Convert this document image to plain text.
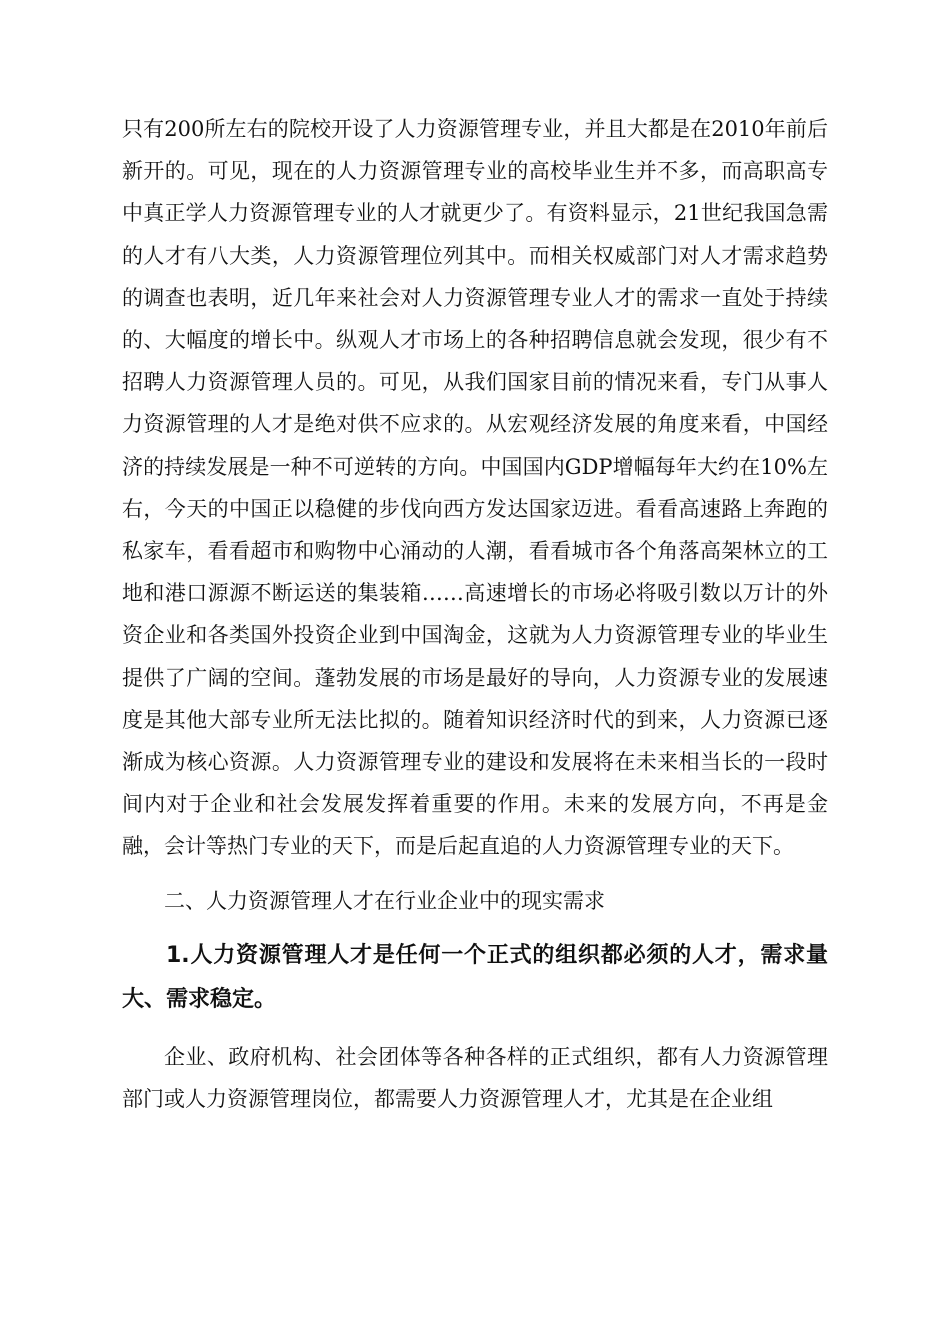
只有200所左右的院校开设了人力资源管理专业，并且大都是在2010年前后新开的。可见，现在的人力资源管理专业的高校毕业生并不多，而高职高专中真正学人力资源管理专业的人才就更少了。有资料显示，21世纪我国急需的人才有八大类，人力资源管理位列其中。而相关权威部门对人才需求趋势的调查也表明，近几年来社会对人力资源管理专业人才的需求一直处于持续的、大幅度的增长中。纵观人才市场上的各种招聘信息就会发现，很少有不招聘人力资源管理人员的。可见，从我们国家目前的情况来看，专门从事人力资源管理的人才是绝对供不应求的。从宏观经济发展的角度来看，中国经济的持续发展是一种不可逆转的方向。中国国内GDP增幅每年大约在10%左右，今天的中国正以稳健的步伐向西方发达国家迈进。看看高速路上奔跑的私家车，看看超市和购物中心涌动的人潮，看看城市各个角落高架林立的工地和港口源源不断运送的集装箱……高速增长的市场必将吸引数以万计的外资企业和各类国外投资企业到中国淘金，这就为人力资源管理专业的毕业生提供了广阔的空间。蓬勃发展的市场是最好的导向，人力资源专业的发展速度是其他大部专业所无法比拟的。随着知识经济时代的到来，人力资源已逐渐成为核心资源。人力资源管理专业的建设和发展将在未来相当长的一段时间内对于企业和社会发展发挥着重要的作用。未来的发展方向，不再是金融，会计等热门专业的天下，而是后起直追的人力资源管理专业的天下。

二、人力资源管理人才在行业企业中的现实需求

1.人力资源管理人才是任何一个正式的组织都必须的人才，需求量大、需求稳定。

企业、政府机构、社会团体等各种各样的正式组织，都有人力资源管理部门或人力资源管理岗位，都需要人力资源管理人才，尤其是在企业组
